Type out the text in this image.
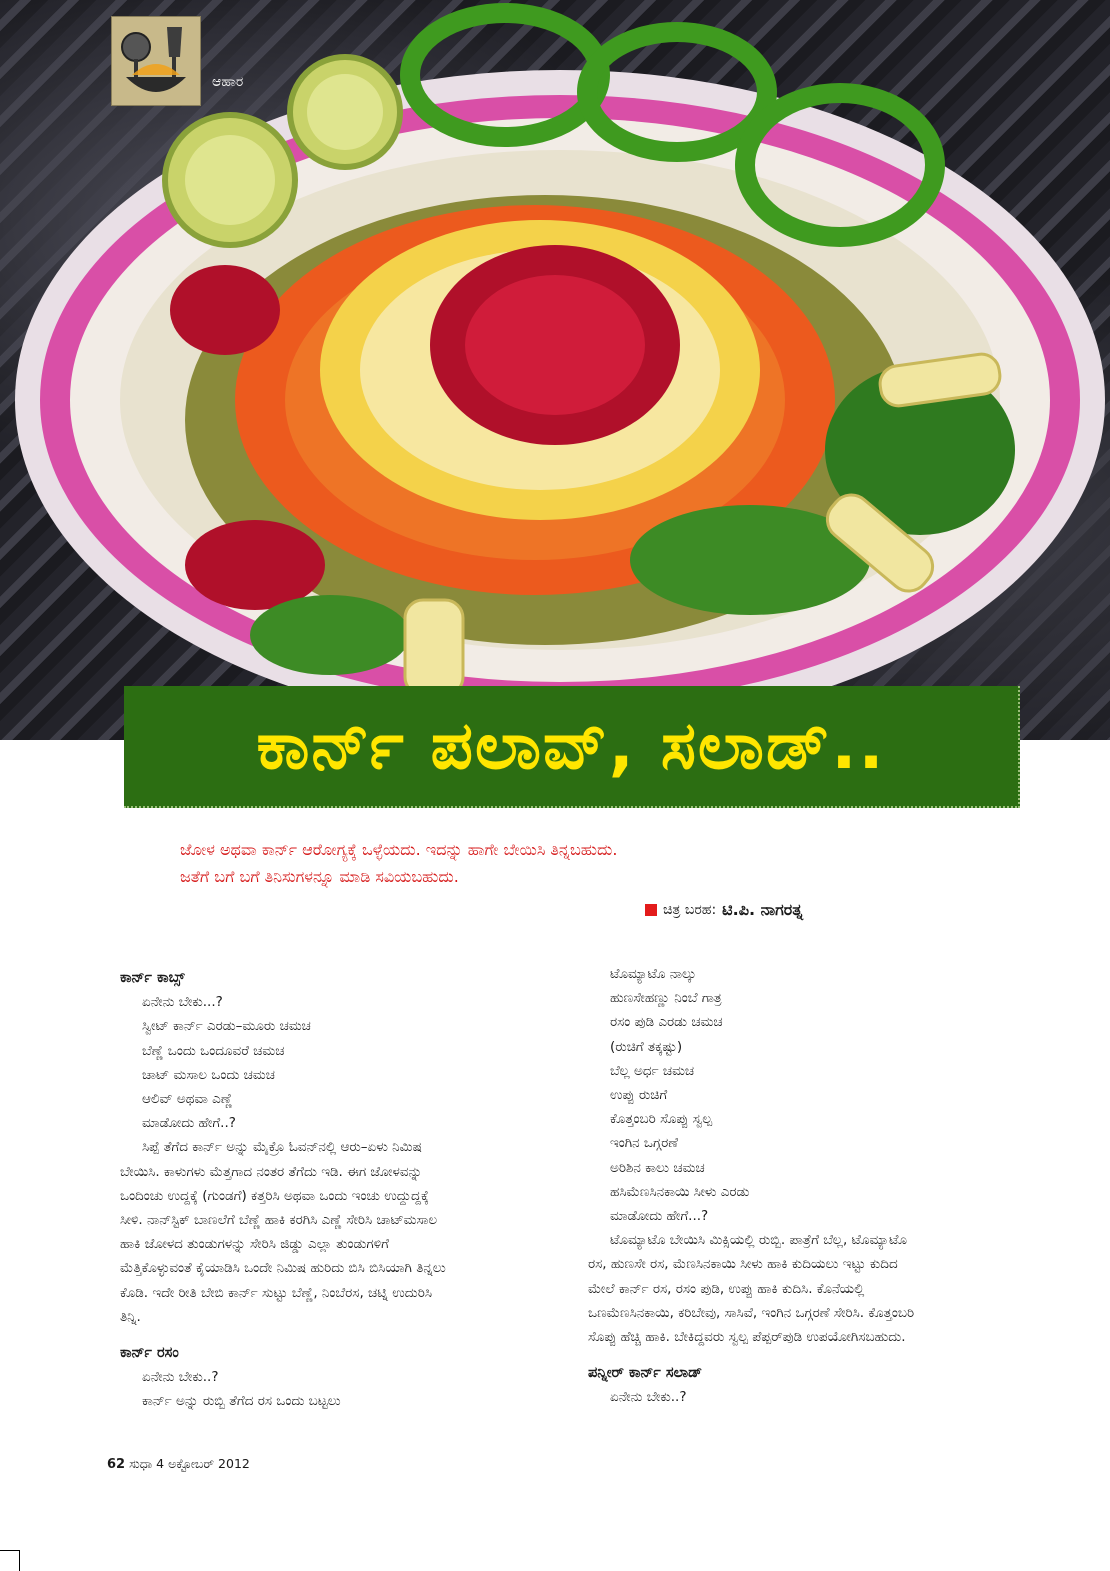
ಆಹಾರ
ಕಾರ್ನ್ ಪಲಾವ್, ಸಲಾಡ್..

ಜೋಳ ಅಥವಾ ಕಾರ್ನ್ ಆರೋಗ್ಯಕ್ಕೆ ಒಳ್ಳೆಯದು. ಇದನ್ನು ಹಾಗೇ ಬೇಯಿಸಿ ತಿನ್ನಬಹುದು.

ಜತೆಗೆ ಬಗೆ ಬಗೆ ತಿನಿಸುಗಳನ್ನೂ ಮಾಡಿ ಸವಿಯಬಹುದು.

ಚಿತ್ರ ಬರಹ: ಟಿ.ಪಿ. ನಾಗರತ್ನ
ಕಾರ್ನ್ ಕಾಬ್ಸ್
ಏನೇನು ಬೇಕು...?
ಸ್ವೀಟ್ ಕಾರ್ನ್ ಎರಡು–ಮೂರು ಚಮಚ
ಬೆಣ್ಣೆ ಒಂದು ಒಂದೂವರೆ ಚಮಚ
ಚಾಟ್ ಮಸಾಲ ಒಂದು ಚಮಚ
ಆಲಿವ್ ಅಥವಾ ಎಣ್ಣೆ
ಮಾಡೋದು ಹೇಗೆ..?
ಸಿಪ್ಪೆ ತೆಗೆದ ಕಾರ್ನ್ ಅನ್ನು ಮೈಕ್ರೊ ಓವನ್‌ನಲ್ಲಿ ಆರು–ಏಳು ನಿಮಿಷ
ಬೇಯಿಸಿ. ಕಾಳುಗಳು ಮೆತ್ತಗಾದ ನಂತರ ತೆಗೆದು ಇಡಿ. ಈಗ ಜೋಳವನ್ನು
ಒಂದಿಂಚು ಉದ್ದಕ್ಕೆ (ಗುಂಡಗೆ) ಕತ್ತರಿಸಿ ಅಥವಾ ಒಂದು ಇಂಚು ಉದ್ದುದ್ದಕ್ಕೆ
ಸೀಳಿ. ನಾನ್‌ಸ್ಟಿಕ್ ಬಾಣಲೆಗೆ ಬೆಣ್ಣೆ ಹಾಕಿ ಕರಗಿಸಿ ಎಣ್ಣೆ ಸೇರಿಸಿ ಚಾಟ್‌ಮಸಾಲ
ಹಾಕಿ ಜೋಳದ ತುಂಡುಗಳನ್ನು ಸೇರಿಸಿ ಜಿಡ್ಡು ಎಲ್ಲಾ ತುಂಡುಗಳಿಗೆ
ಮೆತ್ತಿಕೊಳ್ಳುವಂತೆ ಕೈಯಾಡಿಸಿ ಒಂದೇ ನಿಮಿಷ ಹುರಿದು ಬಿಸಿ ಬಿಸಿಯಾಗಿ ತಿನ್ನಲು
ಕೊಡಿ. ಇದೇ ರೀತಿ ಬೇಬಿ ಕಾರ್ನ್ ಸುಟ್ಟು ಬೆಣ್ಣೆ, ನಿಂಬೆರಸ, ಚಟ್ನಿ ಉದುರಿಸಿ
ತಿನ್ನಿ.
ಕಾರ್ನ್ ರಸಂ
ಏನೇನು ಬೇಕು..?
ಕಾರ್ನ್ ಅನ್ನು ರುಬ್ಬಿ ತೆಗೆದ ರಸ ಒಂದು ಬಟ್ಟಲು
ಟೊಮ್ಯಾಟೊ ನಾಲ್ಕು
ಹುಣಸೇಹಣ್ಣು ನಿಂಬೆ ಗಾತ್ರ
ರಸಂ ಪುಡಿ ಎರಡು ಚಮಚ
(ರುಚಿಗೆ ತಕ್ಕಷ್ಟು)
ಬೆಲ್ಲ ಅರ್ಧ ಚಮಚ
ಉಪ್ಪು ರುಚಿಗೆ
ಕೊತ್ತಂಬರಿ ಸೊಪ್ಪು ಸ್ವಲ್ಪ
ಇಂಗಿನ ಒಗ್ಗರಣೆ
ಅರಿಶಿನ ಕಾಲು ಚಮಚ
ಹಸಿಮೆಣಸಿನಕಾಯಿ ಸೀಳು ಎರಡು
ಮಾಡೋದು ಹೇಗೆ...?
ಟೊಮ್ಯಾಟೊ ಬೇಯಿಸಿ ಮಿಕ್ಸಿಯಲ್ಲಿ ರುಬ್ಬಿ. ಪಾತ್ರೆಗೆ ಬೆಲ್ಲ, ಟೊಮ್ಯಾಟೊ
ರಸ, ಹುಣಸೇ ರಸ, ಮೆಣಸಿನಕಾಯಿ ಸೀಳು ಹಾಕಿ ಕುದಿಯಲು ಇಟ್ಟು ಕುದಿದ
ಮೇಲೆ ಕಾರ್ನ್ ರಸ, ರಸಂ ಪುಡಿ, ಉಪ್ಪು ಹಾಕಿ ಕುದಿಸಿ. ಕೊನೆಯಲ್ಲಿ
ಒಣಮೆಣಸಿನಕಾಯಿ, ಕರಿಬೇವು, ಸಾಸಿವೆ, ಇಂಗಿನ ಒಗ್ಗರಣೆ ಸೇರಿಸಿ. ಕೊತ್ತಂಬರಿ
ಸೊಪ್ಪು ಹೆಚ್ಚಿ ಹಾಕಿ. ಬೇಕಿದ್ದವರು ಸ್ವಲ್ಪ ಪೆಪ್ಪರ್‌ಪುಡಿ ಉಪಯೋಗಿಸಬಹುದು.
ಪನ್ನೀರ್ ಕಾರ್ನ್ ಸಲಾಡ್
ಏನೇನು ಬೇಕು..?
62 ಸುಧಾ 4 ಅಕ್ಟೋಬರ್ 2012
